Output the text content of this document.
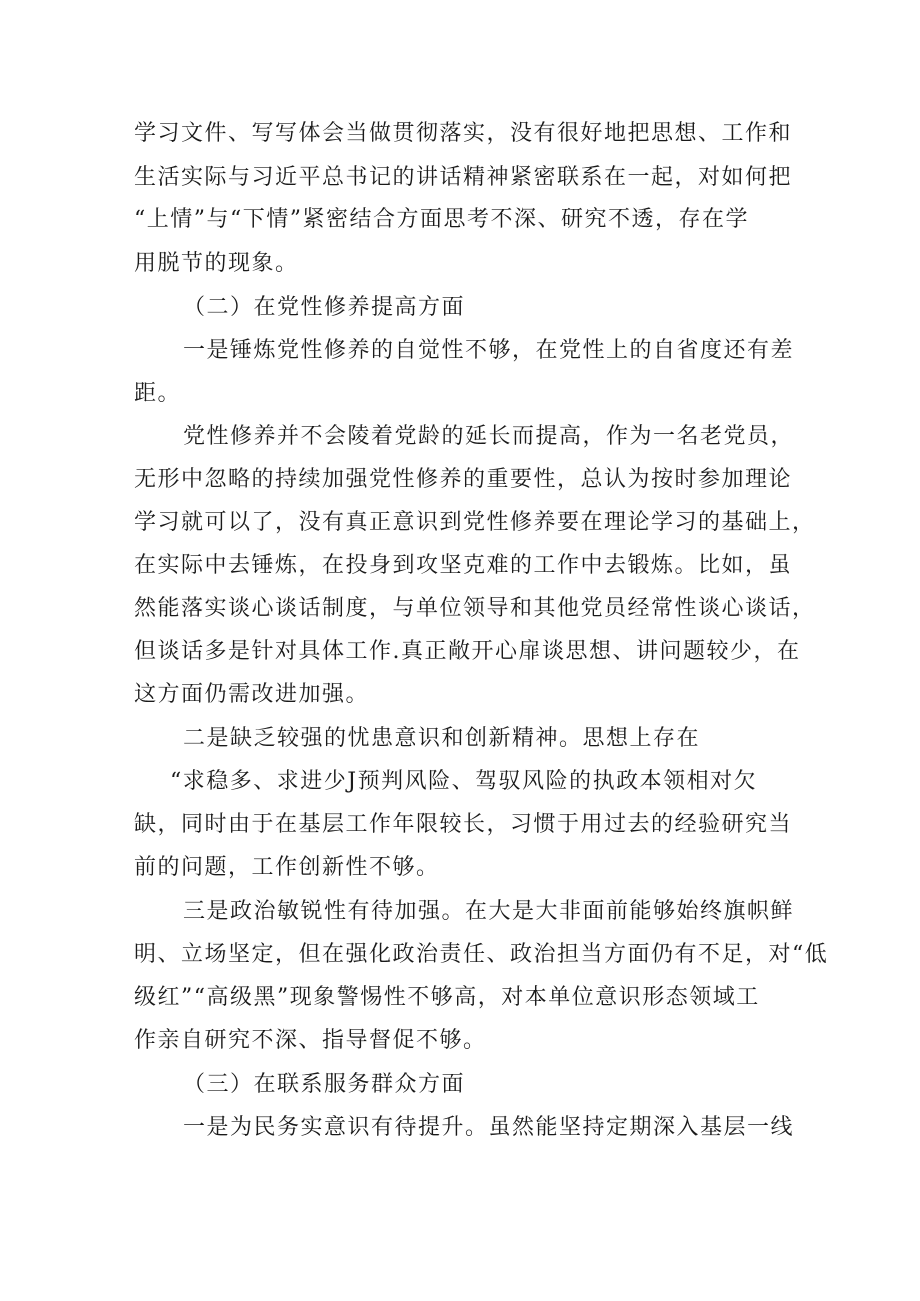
学习文件、写写体会当做贯彻落实，没有很好地把思想、工作和
生活实际与习近平总书记的讲话精神紧密联系在一起，对如何把
“上情”与“下情”紧密结合方面思考不深、研究不透，存在学
用脱节的现象。
（二）在党性修养提高方面
一是锤炼党性修养的自觉性不够，在党性上的自省度还有差
距。
党性修养并不会陵着党龄的延长而提高，作为一名老党员，
无形中忽略的持续加强党性修养的重要性，总认为按时参加理论
学习就可以了，没有真正意识到党性修养要在理论学习的基础上，
在实际中去锤炼，在投身到攻坚克难的工作中去锻炼。比如，虽
然能落实谈心谈话制度，与单位领导和其他党员经常性谈心谈话，
但谈话多是针对具体工作.真正敞开心扉谈思想、讲问题较少，在
这方面仍需改进加强。
二是缺乏较强的忧患意识和创新精神。思想上存在
“求稳多、求进少J预判风险、驾驭风险的执政本领相对欠
缺，同时由于在基层工作年限较长，习惯于用过去的经验研究当
前的问题，工作创新性不够。
三是政治敏锐性有待加强。在大是大非面前能够始终旗帜鲜
明、立场坚定，但在强化政治责任、政治担当方面仍有不足，对“低
级红”“高级黑”现象警惕性不够高，对本单位意识形态领域工
作亲自研究不深、指导督促不够。
（三）在联系服务群众方面
一是为民务实意识有待提升。虽然能坚持定期深入基层一线
